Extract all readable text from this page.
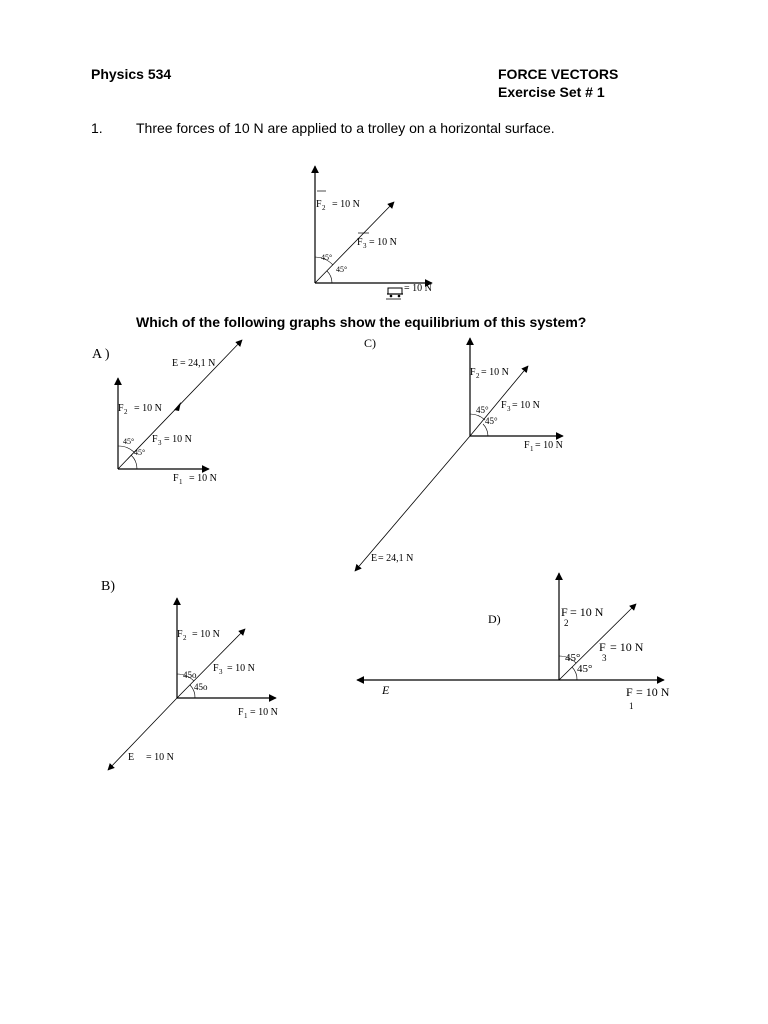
Physics 534	FORCE VECTORS
Exercise Set # 1
1. Three forces of 10 N are applied to a trolley on a horizontal surface.
Which of the following graphs show the equilibrium of this system?
F 2 = 10 N
F 3 = 10 N
= 10 N
45°
45°
A )
E = 24,1 N
F 2 = 10 N
F 3 = 10 N
F 1 = 10 N
45°
45°
C)
F 2 = 10 N
F 3 = 10 N
F 1 = 10 N
E = 24,1 N
45°
45°
B)
F 2 = 10 N
F 3 = 10 N
F 1 = 10 N
E = 10 N
45o
45o
D)	F
2
= 10 N
F
3
= 10 N
F
1
= 10 N
E
45°
45°
